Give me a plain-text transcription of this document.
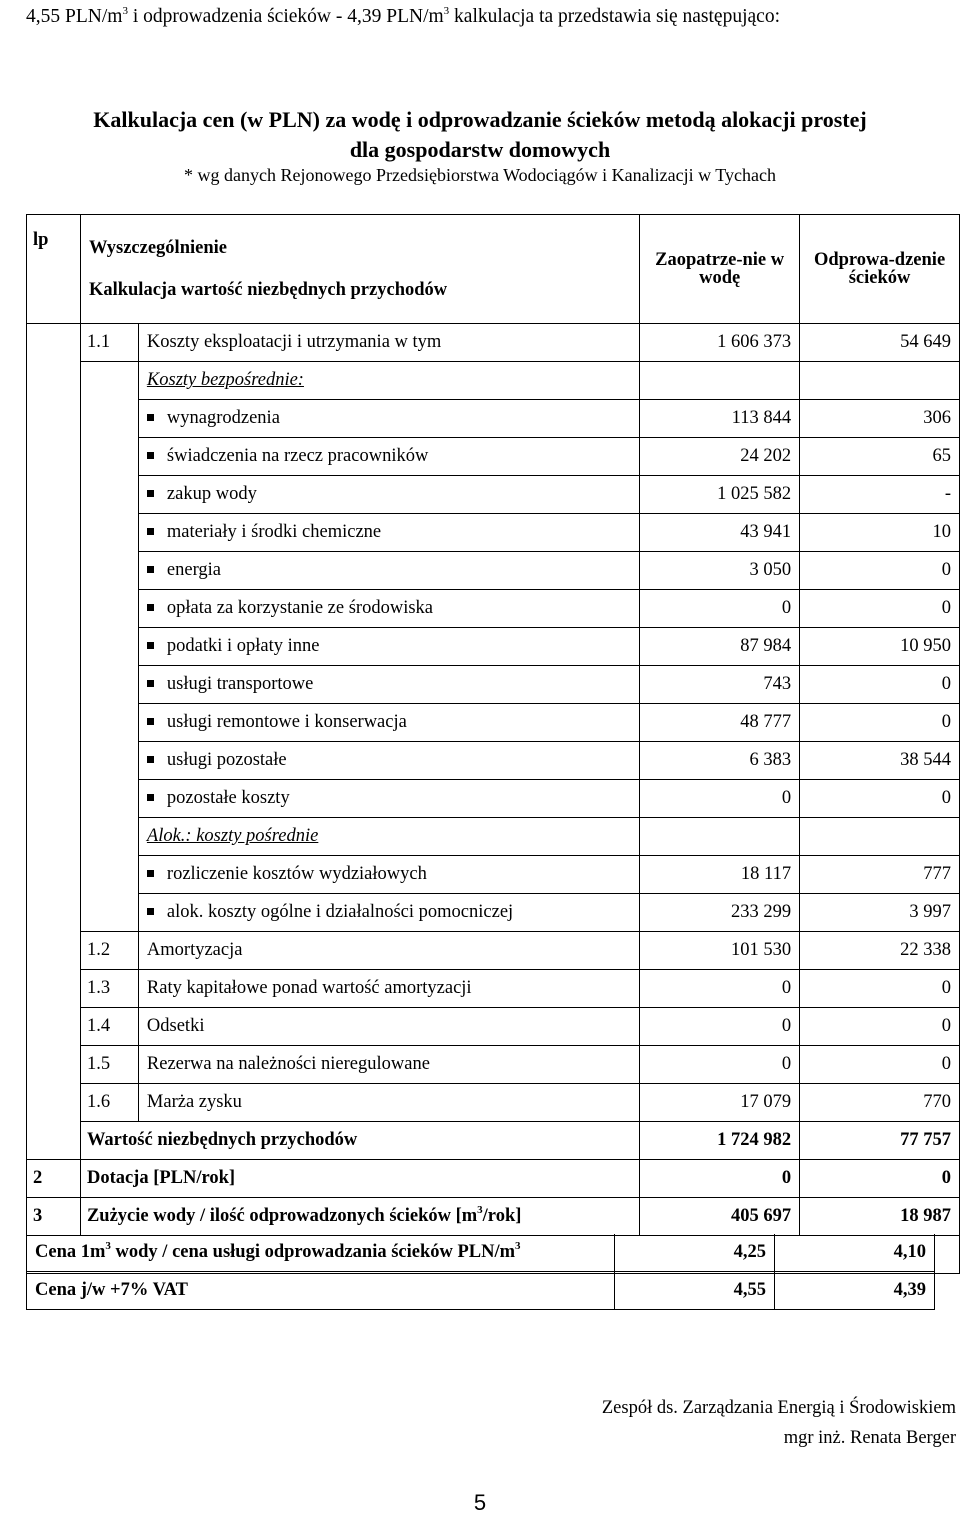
4,55 PLN/$m^3$ i odprowadzenia ścieków - 4,39 PLN/$m^3$ kalkulacja ta przedstawia się następująco:
Kalkulacja cen (w PLN) za wodę i odprowadzanie ścieków metodą alokacji prostej
dla gospodarstw domowych
* wg danych Rejonowego Przedsiębiorstwa Wodociągów i Kanalizacji w Tychach
lp	Wyszczególnienie
Kalkulacja wartość niezbędnych przychodów		Zaopatrze-nie w wodę	Odprowa-dzenie ścieków
	1.1	Koszty eksploatacji i utrzymania w tym	1 606 373	54 649
		Koszty bezpośrednie:		
		wynagrodzenia	113 844	306
		świadczenia na rzecz pracowników	24 202	65
		zakup wody	1 025 582	-
		materiały i środki chemiczne	43 941	10
		energia	3 050	0
		opłata za korzystanie ze środowiska	0	0
		podatki i opłaty inne	87 984	10 950
		usługi transportowe	743	0
		usługi remontowe i konserwacja	48 777	0
		usługi pozostałe	6 383	38 544
		pozostałe koszty	0	0
		Alok.: koszty pośrednie		
		rozliczenie kosztów wydziałowych	18 117	777
		alok. koszty ogólne i działalności pomocniczej	233 299	3 997
	1.2	Amortyzacja	101 530	22 338
	1.3	Raty kapitałowe ponad wartość amortyzacji	0	0
	1.4	Odsetki	0	0
	1.5	Rezerwa na należności nieregulowane	0	0
	1.6	Marża zysku	17 079	770
	Wartość niezbędnych przychodów		1 724 982	77 757
2	Dotacja [PLN/rok]		0	0
3	Zużycie wody / ilość odprowadzonych ścieków $[m^3/rok]$		405 697	18 987

Cena $1m^3$ wody / cena usługi odprowadzania ścieków PLN/$m^3$	4,25	4,10
Cena j/w +7% VAT	4,55	4,39
Zespół ds. Zarządzania Energią i Środowiskiem
mgr inż. Renata Berger
5
